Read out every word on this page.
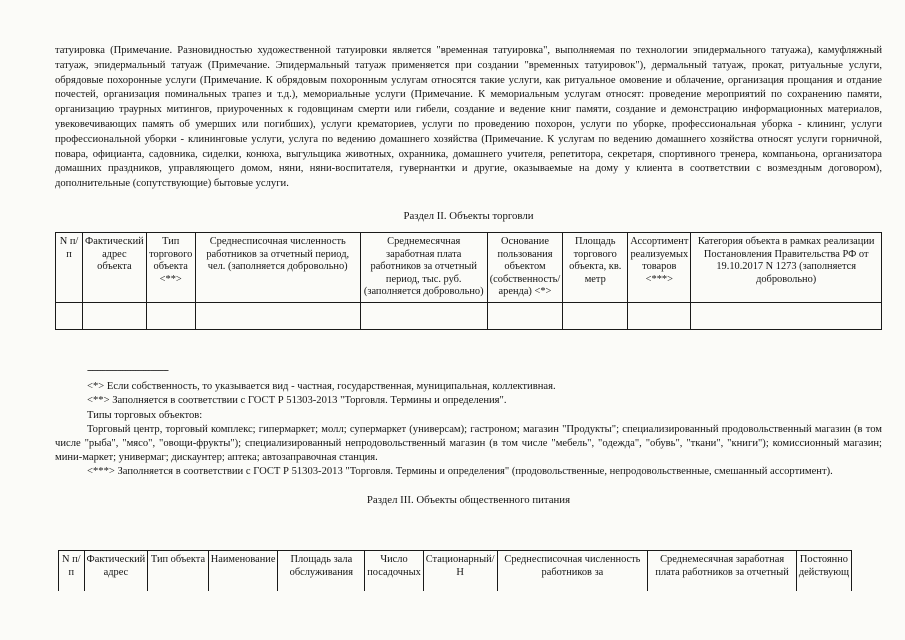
татуировка (Примечание. Разновидностью художественной татуировки является "временная татуировка", выполняемая по технологии эпидермального татуажа), камуфляжный татуаж, эпидермальный татуаж (Примечание. Эпидермальный татуаж применяется при создании "временных татуировок"), дермальный татуаж, прокат, ритуальные услуги, обрядовые похоронные услуги (Примечание. К обрядовым похоронным услугам относятся такие услуги, как ритуальное омовение и облачение, организация прощания и отдание почестей, организация поминальных трапез и т.д.), мемориальные услуги (Примечание. К мемориальным услугам относят: проведение мероприятий по сохранению памяти, организацию траурных митингов, приуроченных к годовщинам смерти или гибели, создание и ведение книг памяти, создание и демонстрацию информационных материалов, увековечивающих память об умерших или погибших), услуги крематориев, услуги по проведению похорон, услуги по уборке, профессиональная уборка - клининг, услуги профессиональной уборки - клининговые услуги, услуга по ведению домашнего хозяйства (Примечание. К услугам по ведению домашнего хозяйства относят услуги горничной, повара, официанта, садовника, сиделки, конюха, выгульщика животных, охранника, домашнего учителя, репетитора, секретаря, спортивного тренера, компаньона, организатора домашних праздников, управляющего домом, няни, няни-воспитателя, гувернантки и другие, оказываемые на дому у клиента в соответствии с возмездным договором), дополнительные (сопутствующие) бытовые услуги.

Раздел II. Объекты торговли
N п/п	Фактический адрес объекта	Тип торгового объекта <**>	Среднесписочная численность работников за отчетный период, чел. (заполняется добровольно)	Среднемесячная заработная плата работников за отчетный период, тыс. руб. (заполняется добровольно)	Основание пользования объектом (собственность/аренда) <*>	Площадь торгового объекта, кв. метр	Ассортимент реализуемых товаров <***>	Категория объекта в рамках реализации Постановления Правительства РФ от 19.10.2017 N 1273 (заполняется добровольно)

--------------------------------

<*> Если собственность, то указывается вид - частная, государственная, муниципальная, коллективная.

<**> Заполняется в соответствии с ГОСТ Р 51303-2013 "Торговля. Термины и определения".

Типы торговых объектов:

Торговый центр, торговый комплекс; гипермаркет; молл; супермаркет (универсам); гастроном; магазин "Продукты"; специализированный продовольственный магазин (в том числе "рыба", "мясо", "овощи-фрукты"); специализированный непродовольственный магазин (в том числе "мебель", "одежда", "обувь", "ткани", "книги"); комиссионный магазин; мини-маркет; универмаг; дискаунтер; аптека; автозаправочная станция.

<***> Заполняется в соответствии с ГОСТ Р 51303-2013 "Торговля. Термины и определения" (продовольственные, непродовольственные, смешанный ассортимент).

Раздел III. Объекты общественного питания
N п/п	Фактический адрес	Тип объекта	Наименование	Площадь зала обслуживания	Число посадочных	Стационарный/Н	Среднесписочная численность работников за	Среднемесячная заработная плата работников за отчетный	Постоянно действующ
